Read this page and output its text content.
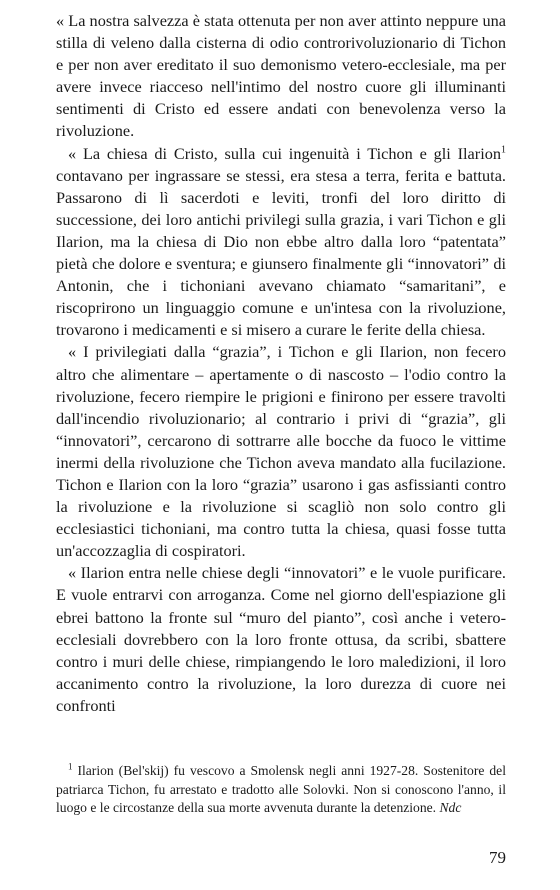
« La nostra salvezza è stata ottenuta per non aver attinto neppure una stilla di veleno dalla cisterna di odio controrivoluzionario di Tichon e per non aver ereditato il suo demonismo vetero-ecclesiale, ma per avere invece riacceso nell'intimo del nostro cuore gli illuminanti sentimenti di Cristo ed essere andati con benevolenza verso la rivoluzione.

« La chiesa di Cristo, sulla cui ingenuità i Tichon e gli Ilarion$^1$ contavano per ingrassare se stessi, era stesa a terra, ferita e battuta. Passarono di lì sacerdoti e leviti, tronfi del loro diritto di successione, dei loro antichi privilegi sulla grazia, i vari Tichon e gli Ilarion, ma la chiesa di Dio non ebbe altro dalla loro “patentata” pietà che dolore e sventura; e giunsero finalmente gli “innovatori” di Antonin, che i tichoniani avevano chiamato “samaritani”, e riscoprirono un linguaggio comune e un'intesa con la rivoluzione, trovarono i medicamenti e si misero a curare le ferite della chiesa.

« I privilegiati dalla “grazia”, i Tichon e gli Ilarion, non fecero altro che alimentare – apertamente o di nascosto – l'odio contro la rivoluzione, fecero riempire le prigioni e finirono per essere travolti dall'incendio rivoluzionario; al contrario i privi di “grazia”, gli “innovatori”, cercarono di sottrarre alle bocche da fuoco le vittime inermi della rivoluzione che Tichon aveva mandato alla fucilazione. Tichon e Ilarion con la loro “grazia” usarono i gas asfissianti contro la rivoluzione e la rivoluzione si scagliò non solo contro gli ecclesiastici tichoniani, ma contro tutta la chiesa, quasi fosse tutta un'accozzaglia di cospiratori.

« Ilarion entra nelle chiese degli “innovatori” e le vuole purificare. E vuole entrarvi con arroganza. Come nel giorno dell'espiazione gli ebrei battono la fronte sul “muro del pianto”, così anche i vetero-ecclesiali dovrebbero con la loro fronte ottusa, da scribi, sbattere contro i muri delle chiese, rimpiangendo le loro maledizioni, il loro accanimento contro la rivoluzione, la loro durezza di cuore nei confronti

$^1$ Ilarion (Bel'skij) fu vescovo a Smolensk negli anni 1927-28. Sostenitore del patriarca Tichon, fu arrestato e tradotto alle Solovki. Non si conoscono l'anno, il luogo e le circostanze della sua morte avvenuta durante la detenzione. Ndc

79
